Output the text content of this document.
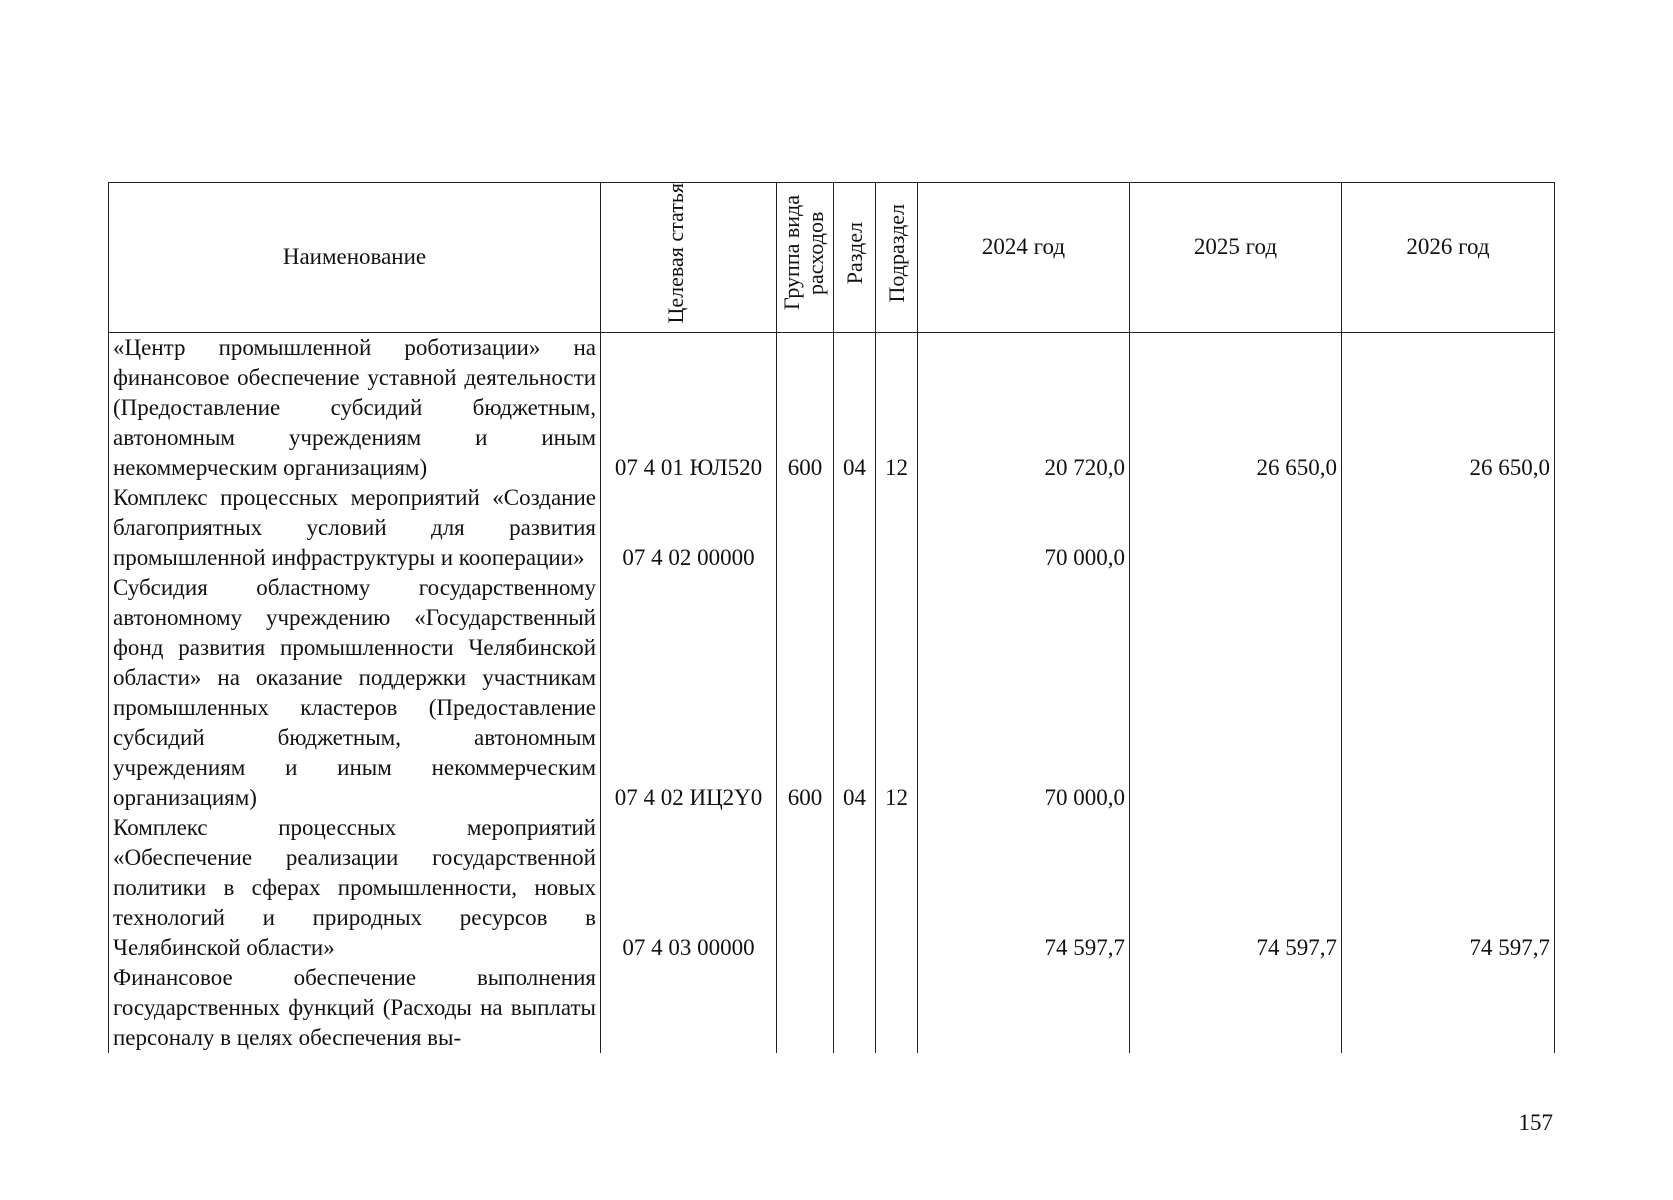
Наименование	Целевая статья	Группа вида расходов	Раздел	Подраздел	2024 год	2025 год	2026 год
«Центр промышленной роботизации» на финансовое обеспечение уставной деятельности (Предоставление субсидий бюджетным, автономным учреждениям и иным некоммерческим организациям)	07 4 01 ЮЛ520	600	04	12	20 720,0	26 650,0	26 650,0
Комплекс процессных мероприятий «Создание благоприятных условий для развития промышленной инфраструктуры и кооперации»	07 4 02 00000				70 000,0		
Субсидия областному государственному автономному учреждению «Государственный фонд развития промышленности Челябинской области» на оказание поддержки участникам промышленных кластеров (Предоставление субсидий бюджетным, автономным учреждениям и иным некоммерческим организациям)	07 4 02 ИЦ2Y0	600	04	12	70 000,0		
Комплекс процессных мероприятий «Обеспечение реализации государственной политики в сферах промышленности, новых технологий и природных ресурсов в Челябинской области»	07 4 03 00000				74 597,7	74 597,7	74 597,7
Финансовое обеспечение выполнения государственных функций (Расходы на выплаты персоналу в целях обеспечения вы-							
157
